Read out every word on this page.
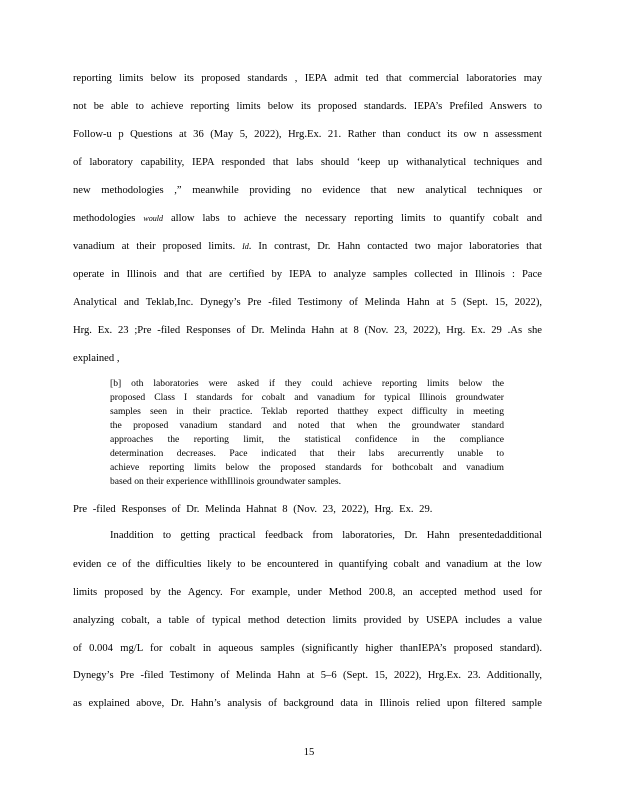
reporting limits below its proposed standards , IEPA admit ted that commercial laboratories may
not be able to achieve reporting limits below its proposed standards. IEPA’s Prefiled Answers to
Follow-u p Questions at 36 (May 5, 2022), Hrg.Ex. 21. Rather than conduct its ow n assessment
of laboratory capability, IEPA responded that labs should ‘keep up withanalytical techniques and
new methodologies ,” meanwhile providing no evidence that new analytical techniques or
methodologies would allow labs to achieve the necessary reporting limits to quantify cobalt and
vanadium at their proposed limits. Id. In contrast, Dr. Hahn contacted two major laboratories that
operate in Illinois and that are certified by IEPA to analyze samples collected in Illinois : Pace
Analytical and Teklab,Inc. Dynegy’s Pre -filed Testimony of Melinda Hahn at 5 (Sept. 15, 2022),
Hrg. Ex. 23 ;Pre -filed Responses of Dr. Melinda Hahn at 8 (Nov. 23, 2022), Hrg. Ex. 29 .As she
explained ,
[b] oth laboratories were asked if they could achieve reporting limits below the
proposed Class I standards for cobalt and vanadium for typical Illinois groundwater
samples seen in their practice. Teklab reported thatthey expect difficulty in meeting
the proposed vanadium standard and noted that when the groundwater standard
approaches the reporting limit, the statistical confidence in the compliance
determination decreases. Pace indicated that their labs arecurrently unable to
achieve reporting limits below the proposed standards for bothcobalt and vanadium
based on their experience withIllinois groundwater samples.
Pre -filed Responses of Dr. Melinda Hahnat 8 (Nov. 23, 2022), Hrg. Ex. 29.
Inaddition to getting practical feedback from laboratories, Dr. Hahn presentedadditional
eviden ce of the difficulties likely to be encountered in quantifying cobalt and vanadium at the low
limits proposed by the Agency. For example, under Method 200.8, an accepted method used for
analyzing cobalt, a table of typical method detection limits provided by USEPA includes a value
of 0.004 mg/L for cobalt in aqueous samples (significantly higher thanIEPA’s proposed standard).
Dynegy’s Pre -filed Testimony of Melinda Hahn at 5–6 (Sept. 15, 2022), Hrg.Ex. 23. Additionally,
as explained above, Dr. Hahn’s analysis of background data in Illinois relied upon filtered sample
15
